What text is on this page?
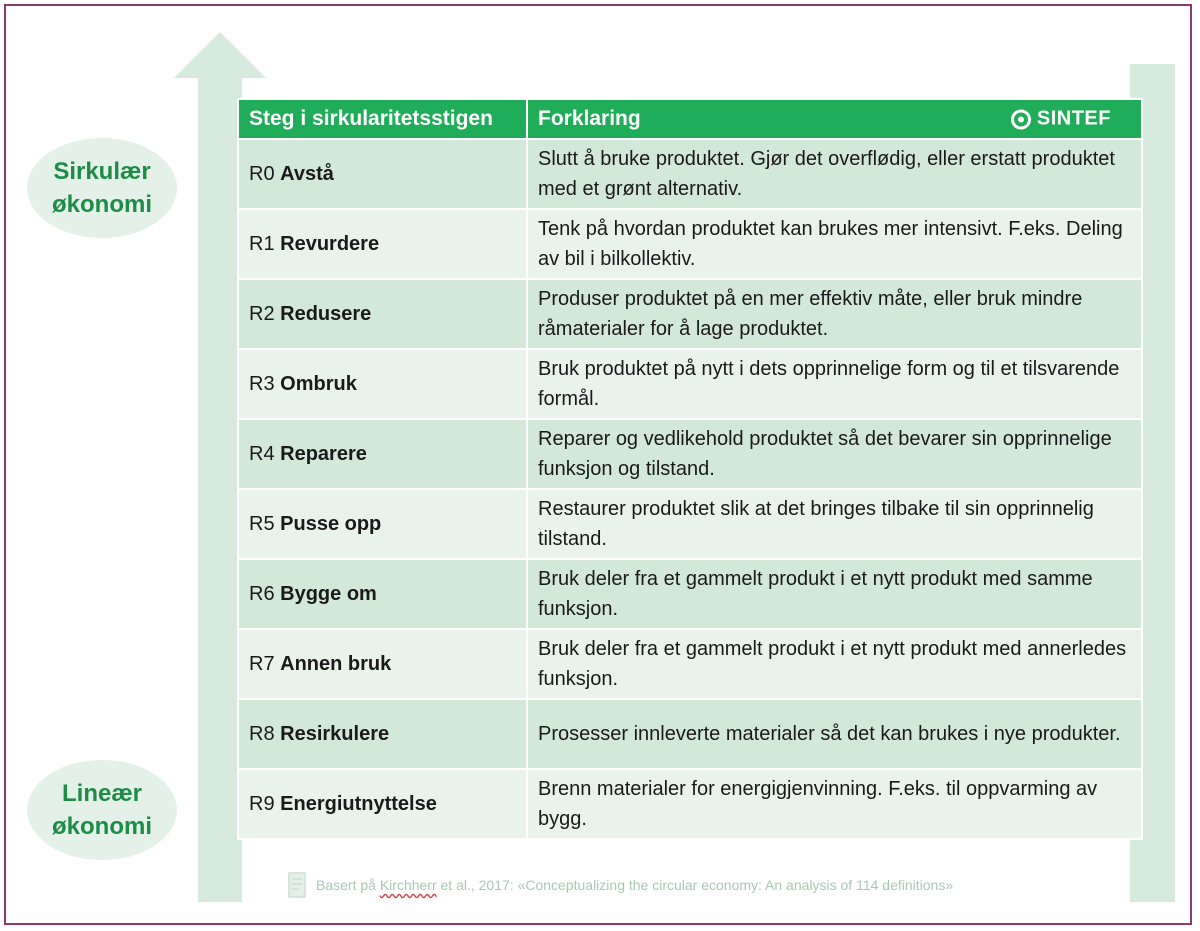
Sirkulær
økonomi
Lineær
økonomi
Steg i sirkularitetsstigen	Forklaring SINTEF

R0 Avstå	Slutt å bruke produktet. Gjør det overflødig, eller erstatt produktet med et grønt alternativ.
R1 Revurdere	Tenk på hvordan produktet kan brukes mer intensivt. F.eks. Deling av bil i bilkollektiv.
R2 Redusere	Produser produktet på en mer effektiv måte, eller bruk mindre råmaterialer for å lage produktet.
R3 Ombruk	Bruk produktet på nytt i dets opprinnelige form og til et tilsvarende formål.
R4 Reparere	Reparer og vedlikehold produktet så det bevarer sin opprinnelige funksjon og tilstand.
R5 Pusse opp	Restaurer produktet slik at det bringes tilbake til sin opprinnelig tilstand.
R6 Bygge om	Bruk deler fra et gammelt produkt i et nytt produkt med samme funksjon.
R7 Annen bruk	Bruk deler fra et gammelt produkt i et nytt produkt med annerledes funksjon.
R8 Resirkulere	Prosesser innleverte materialer så det kan brukes i nye produkter.
R9 Energiutnyttelse	Brenn materialer for energigjenvinning. F.eks. til oppvarming av bygg.
Basert på Kirchherr et al., 2017: «Conceptualizing the circular economy: An analysis of 114 definitions»
